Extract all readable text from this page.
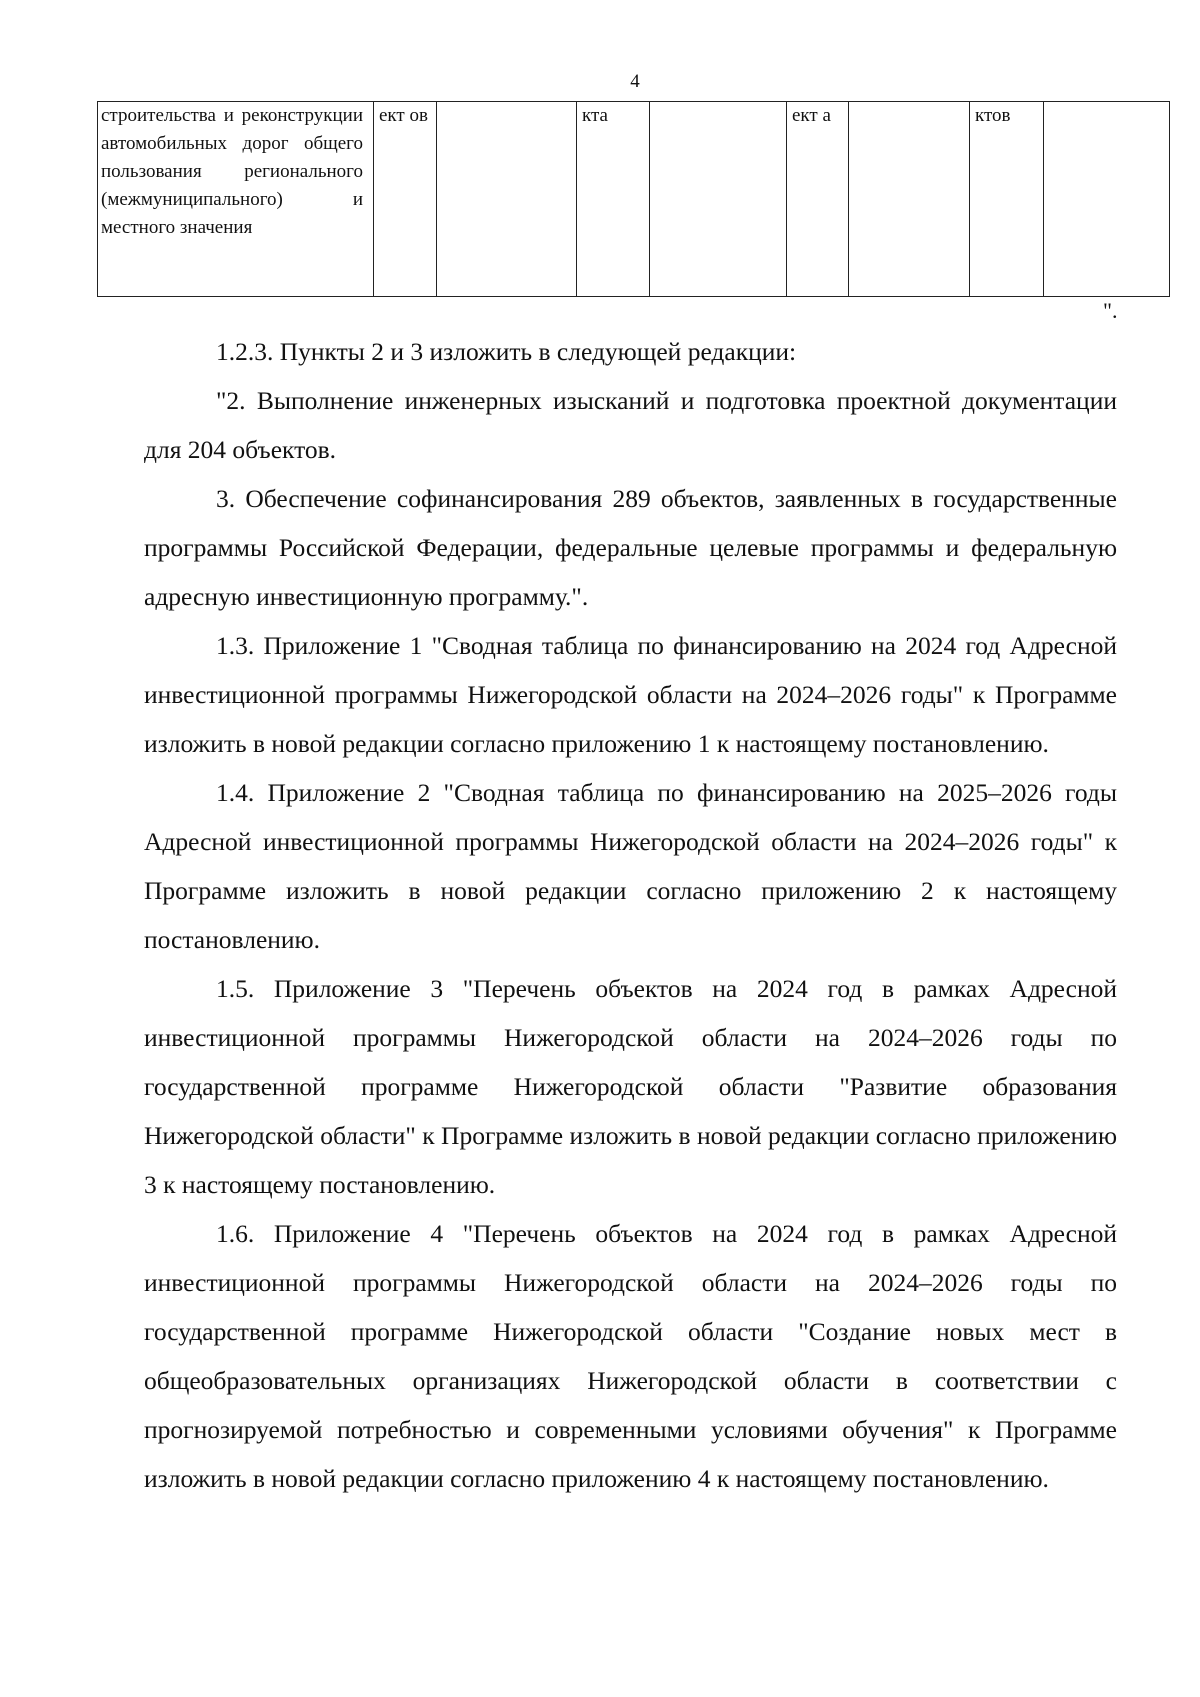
4
строительства и реконструкции автомобильных дорог общего пользования регионального (межмуниципального) и местного значения	ект ов		кта		ект а		ктов	
".

1.2.3. Пункты 2 и 3 изложить в следующей редакции:

"2. Выполнение инженерных изысканий и подготовка проектной документации для 204 объектов.

3. Обеспечение софинансирования 289 объектов, заявленных в государственные программы Российской Федерации, федеральные целевые программы и федеральную адресную инвестиционную программу.".

1.3. Приложение 1 "Сводная таблица по финансированию на 2024 год Адресной инвестиционной программы Нижегородской области на 2024–2026 годы" к Программе изложить в новой редакции согласно приложению 1 к настоящему постановлению.

1.4. Приложение 2 "Сводная таблица по финансированию на 2025–2026 годы Адресной инвестиционной программы Нижегородской области на 2024–2026 годы" к Программе изложить в новой редакции согласно приложению 2 к настоящему постановлению.

1.5. Приложение 3 "Перечень объектов на 2024 год в рамках Адресной инвестиционной программы Нижегородской области на 2024–2026 годы по государственной программе Нижегородской области "Развитие образования Нижегородской области" к Программе изложить в новой редакции согласно приложению 3 к настоящему постановлению.

1.6. Приложение 4 "Перечень объектов на 2024 год в рамках Адресной инвестиционной программы Нижегородской области на 2024–2026 годы по государственной программе Нижегородской области "Создание новых мест в общеобразовательных организациях Нижегородской области в соответствии с прогнозируемой потребностью и современными условиями обучения" к Программе изложить в новой редакции согласно приложению 4 к настоящему постановлению.
